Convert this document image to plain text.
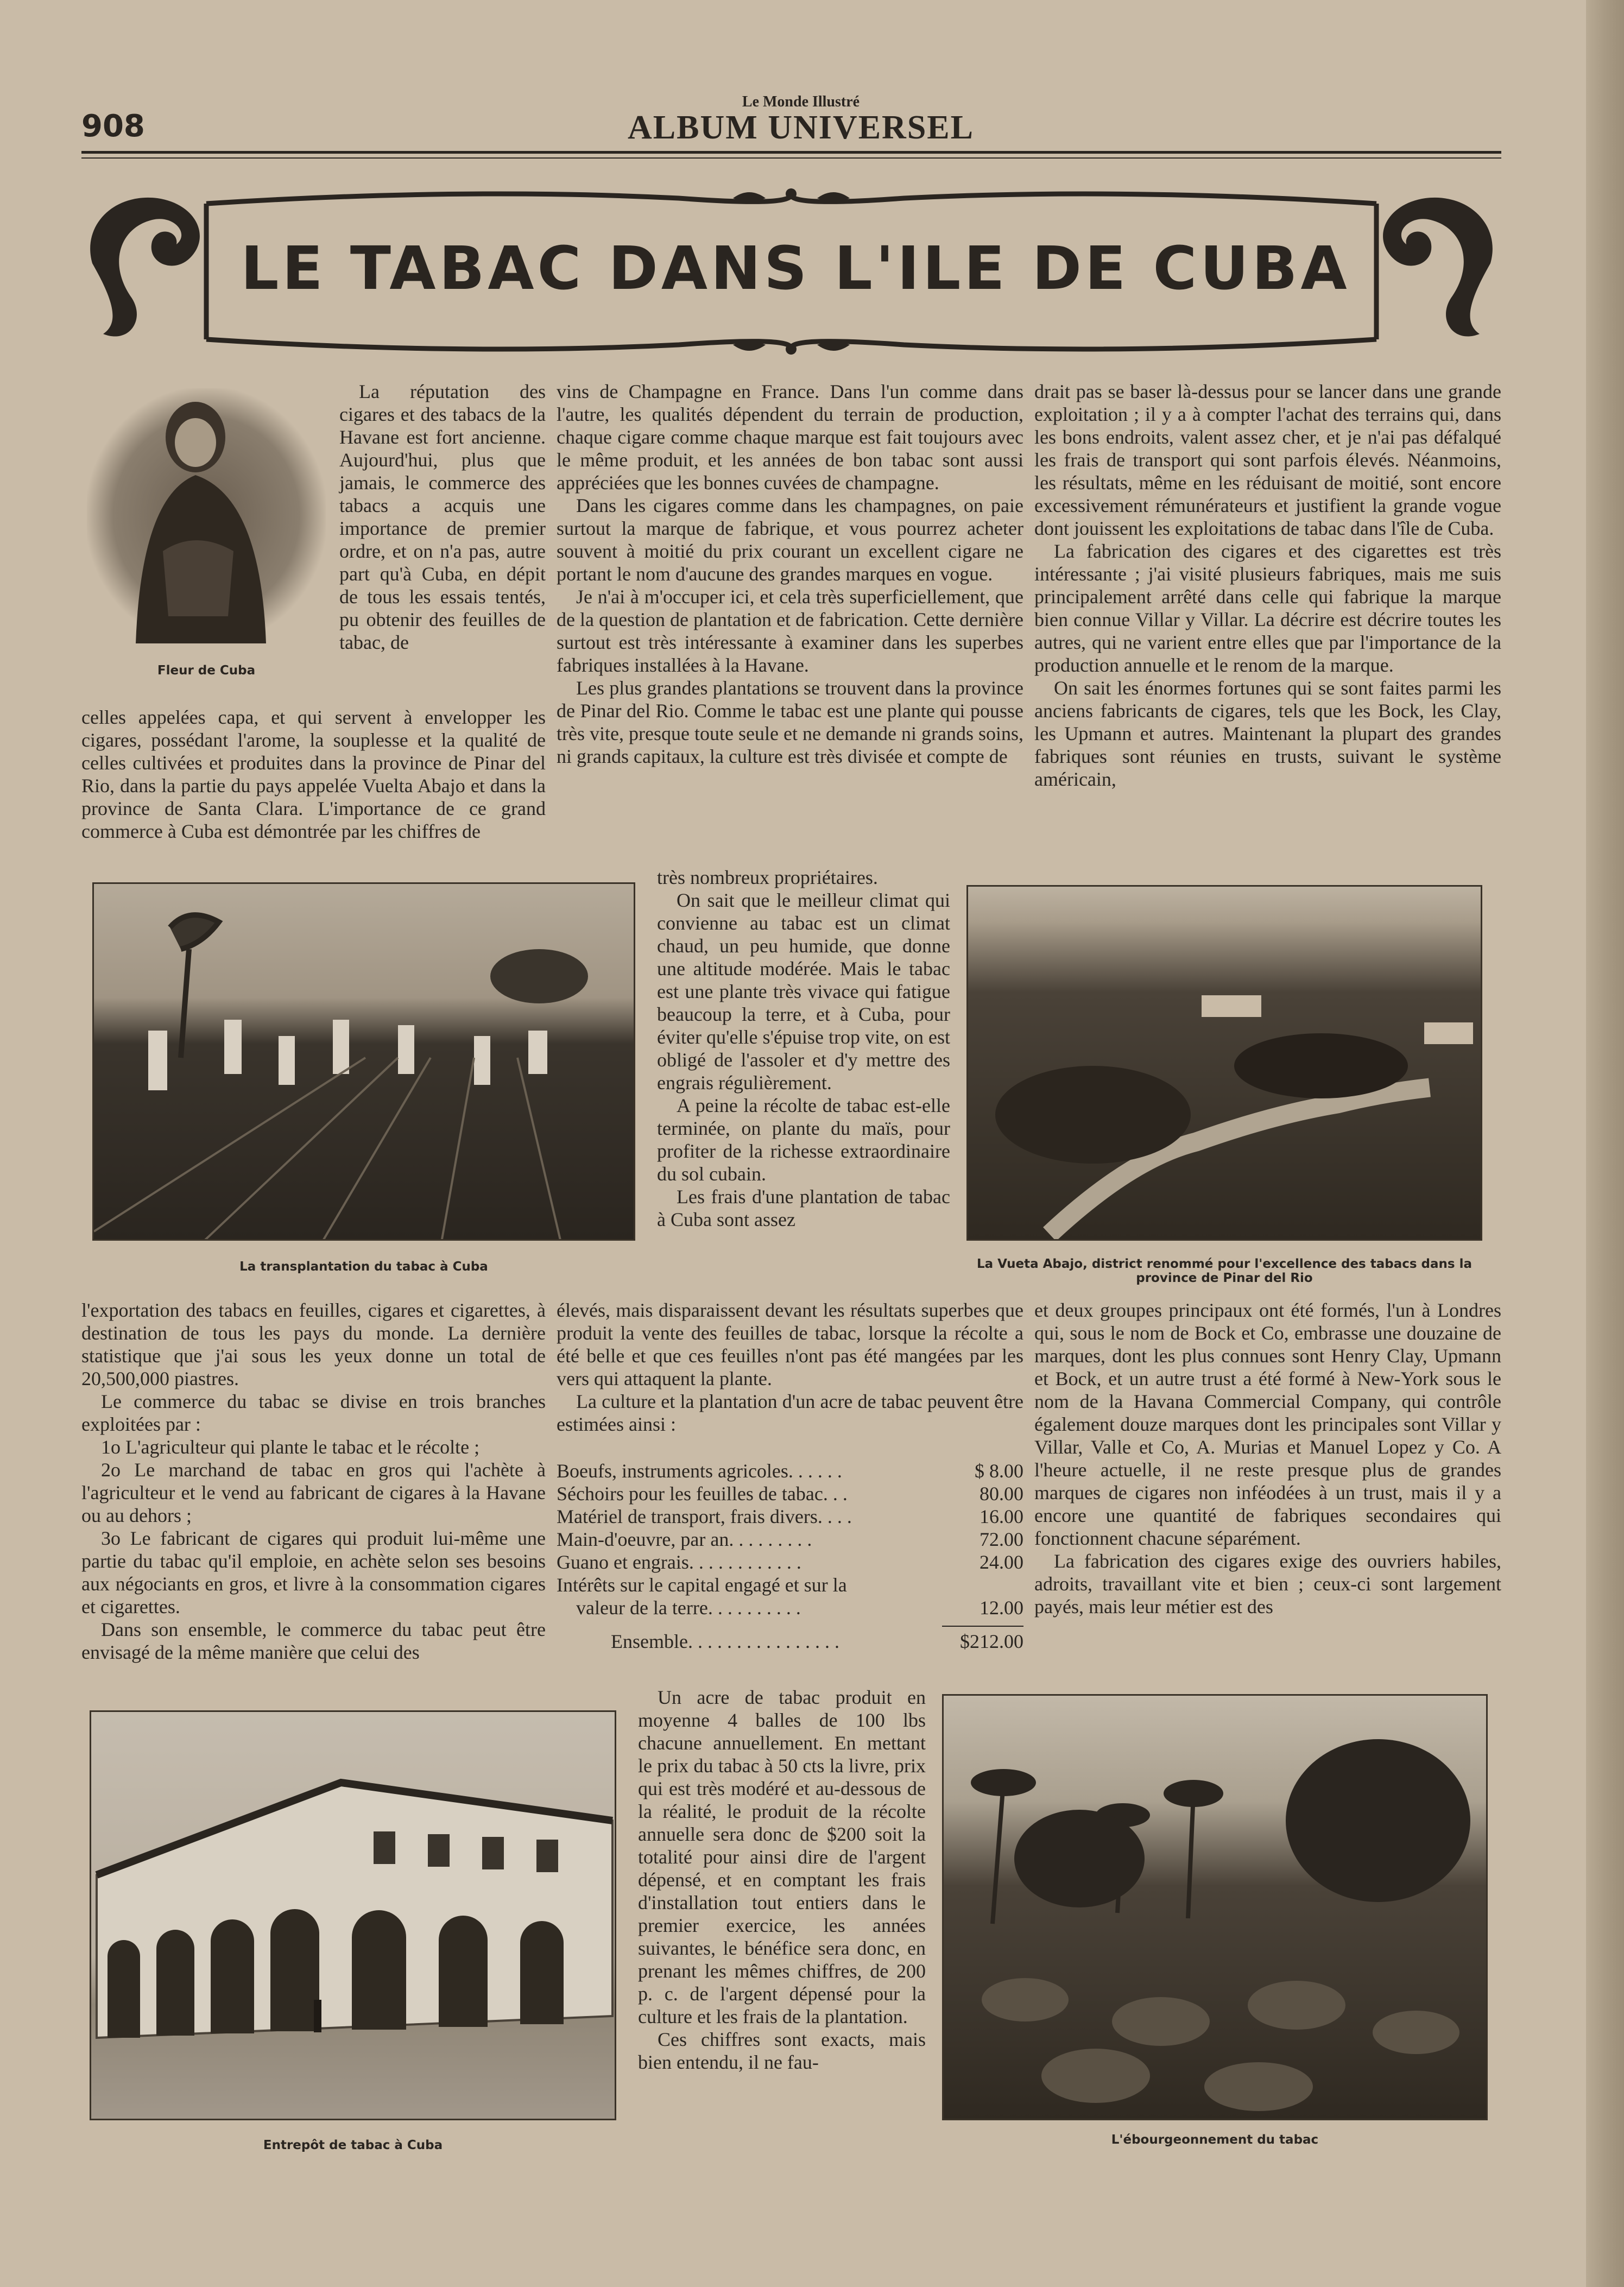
908
Le Monde Illustré
ALBUM UNIVERSEL
LE TABAC DANS L'ILE DE CUBA
Fleur de Cuba

La réputation des cigares et des tabacs de la Havane est fort ancienne. Aujourd'hui, plus que jamais, le commerce des tabacs a acquis une importance de premier ordre, et on n'a pas, autre part qu'à Cuba, en dépit de tous les essais tentés, pu obtenir des feuilles de tabac, de

celles appelées capa, et qui servent à envelopper les cigares, possédant l'arome, la souplesse et la qualité de celles cultivées et produites dans la province de Pinar del Rio, dans la partie du pays appelée Vuelta Abajo et dans la province de Santa Clara. L'importance de ce grand commerce à Cuba est démontrée par les chiffres de

vins de Champagne en France. Dans l'un comme dans l'autre, les qualités dépendent du terrain de production, chaque cigare comme chaque marque est fait toujours avec le même produit, et les années de bon tabac sont aussi appréciées que les bonnes cuvées de champagne.

Dans les cigares comme dans les champagnes, on paie surtout la marque de fabrique, et vous pourrez acheter souvent à moitié du prix courant un excellent cigare ne portant le nom d'aucune des grandes marques en vogue.

Je n'ai à m'occuper ici, et cela très superficiellement, que de la question de plantation et de fabrication. Cette dernière surtout est très intéressante à examiner dans les superbes fabriques installées à la Havane.

Les plus grandes plantations se trouvent dans la province de Pinar del Rio. Comme le tabac est une plante qui pousse très vite, presque toute seule et ne demande ni grands soins, ni grands capitaux, la culture est très divisée et compte de

drait pas se baser là-dessus pour se lancer dans une grande exploitation ; il y a à compter l'achat des terrains qui, dans les bons endroits, valent assez cher, et je n'ai pas défalqué les frais de transport qui sont parfois élevés. Néanmoins, les résultats, même en les réduisant de moitié, sont encore excessivement rémunérateurs et justifient la grande vogue dont jouissent les exploitations de tabac dans l'île de Cuba.

La fabrication des cigares et des cigarettes est très intéressante ; j'ai visité plusieurs fabriques, mais me suis principalement arrêté dans celle qui fabrique la marque bien connue Villar y Villar. La décrire est décrire toutes les autres, qui ne varient entre elles que par l'importance de la production annuelle et le renom de la marque.

On sait les énormes fortunes qui se sont faites parmi les anciens fabricants de cigares, tels que les Bock, les Clay, les Upmann et autres. Maintenant la plupart des grandes fabriques sont réunies en trusts, suivant le système américain,

La transplantation du tabac à Cuba

très nombreux propriétaires.

On sait que le meilleur climat qui convienne au tabac est un climat chaud, un peu humide, que donne une altitude modérée. Mais le tabac est une plante très vivace qui fatigue beaucoup la terre, et à Cuba, pour éviter qu'elle s'épuise trop vite, on est obligé de l'assoler et d'y mettre des engrais régulièrement.

A peine la récolte de tabac est-elle terminée, on plante du maïs, pour profiter de la richesse extraordinaire du sol cubain.

Les frais d'une plantation de tabac à Cuba sont assez

La Vueta Abajo, district renommé pour l'excellence des tabacs dans la province de Pinar del Rio

l'exportation des tabacs en feuilles, cigares et cigarettes, à destination de tous les pays du monde. La dernière statistique que j'ai sous les yeux donne un total de 20,500,000 piastres.

Le commerce du tabac se divise en trois branches exploitées par :

1o L'agriculteur qui plante le tabac et le récolte ;

2o Le marchand de tabac en gros qui l'achète à l'agriculteur et le vend au fabricant de cigares à la Havane ou au dehors ;

3o Le fabricant de cigares qui produit lui-même une partie du tabac qu'il emploie, en achète selon ses besoins aux négociants en gros, et livre à la consommation cigares et cigarettes.

Dans son ensemble, le commerce du tabac peut être envisagé de la même manière que celui des

élevés, mais disparaissent devant les résultats superbes que produit la vente des feuilles de tabac, lorsque la récolte a été belle et que ces feuilles n'ont pas été mangées par les vers qui attaquent la plante.

La culture et la plantation d'un acre de tabac peuvent être estimées ainsi :

Boeufs, instruments agricoles. . . . . .	$ 8.00
Séchoirs pour les feuilles de tabac. . .	80.00
Matériel de transport, frais divers. . . .	16.00
Main-d'oeuvre, par an. . . . . . . . .	72.00
Guano et engrais. . . . . . . . . . . .	24.00
Intérêts sur le capital engagé et sur la
valeur de la terre. . . . . . . . . .	12.00
Ensemble. . . . . . . . . . . . . . . .	$212.00

Un acre de tabac produit en moyenne 4 balles de 100 lbs chacune annuellement. En mettant le prix du tabac à 50 cts la livre, prix qui est très modéré et au-dessous de la réalité, le produit de la récolte annuelle sera donc de $200 soit la totalité pour ainsi dire de l'argent dépensé, et en comptant les frais d'installation tout entiers dans le premier exercice, les années suivantes, le bénéfice sera donc, en prenant les mêmes chiffres, de 200 p. c. de l'argent dépensé pour la culture et les frais de la plantation.

Ces chiffres sont exacts, mais bien entendu, il ne fau-

et deux groupes principaux ont été formés, l'un à Londres qui, sous le nom de Bock et Co, embrasse une douzaine de marques, dont les plus connues sont Henry Clay, Upmann et Bock, et un autre trust a été formé à New-York sous le nom de la Havana Commercial Company, qui contrôle également douze marques dont les principales sont Villar y Villar, Valle et Co, A. Murias et Manuel Lopez y Co. A l'heure actuelle, il ne reste presque plus de grandes marques de cigares non inféodées à un trust, mais il y a encore une quantité de fabriques secondaires qui fonctionnent chacune séparément.

La fabrication des cigares exige des ouvriers habiles, adroits, travaillant vite et bien ; ceux-ci sont largement payés, mais leur métier est des

Entrepôt de tabac à Cuba	L'ébourgeonnement du tabac
